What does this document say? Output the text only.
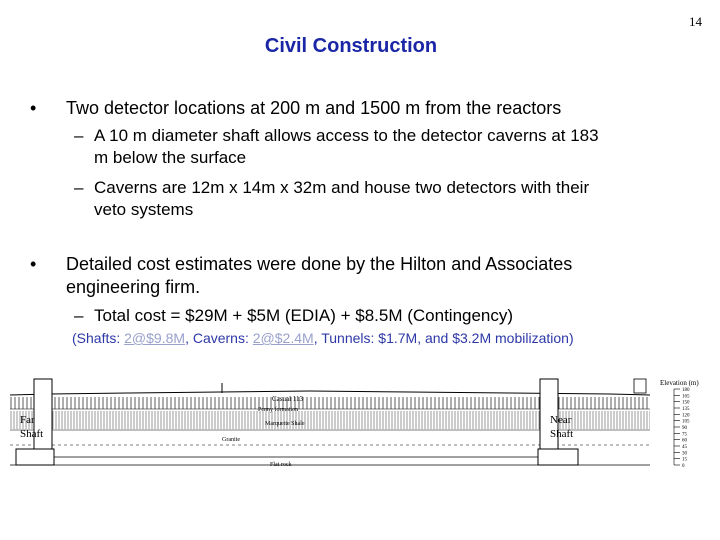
14
Civil Construction
• Two detector locations at 200 m and 1500 m from the reactors
– A 10 m diameter shaft allows access to the detector caverns at 183
m below the surface
– Caverns are 12m x 14m x 32m and house two detectors with their
veto systems
• Detailed cost estimates were done by the Hilton and Associates
engineering firm.
– Total cost = $29M + $5M (EDIA) + $8.5M (Contingency)
(Shafts: 2@$9.8M, Caverns: 2@$2.4M, Tunnels: $1.7M, and $3.2M mobilization)
Far
Shaft
Near
Shaft
Casual 113
Penny formation
Marquette Shale
Granite
Flat rock
Elevation (m)
180
165
150
135
120
105
90
75
60
45
30
15
0
